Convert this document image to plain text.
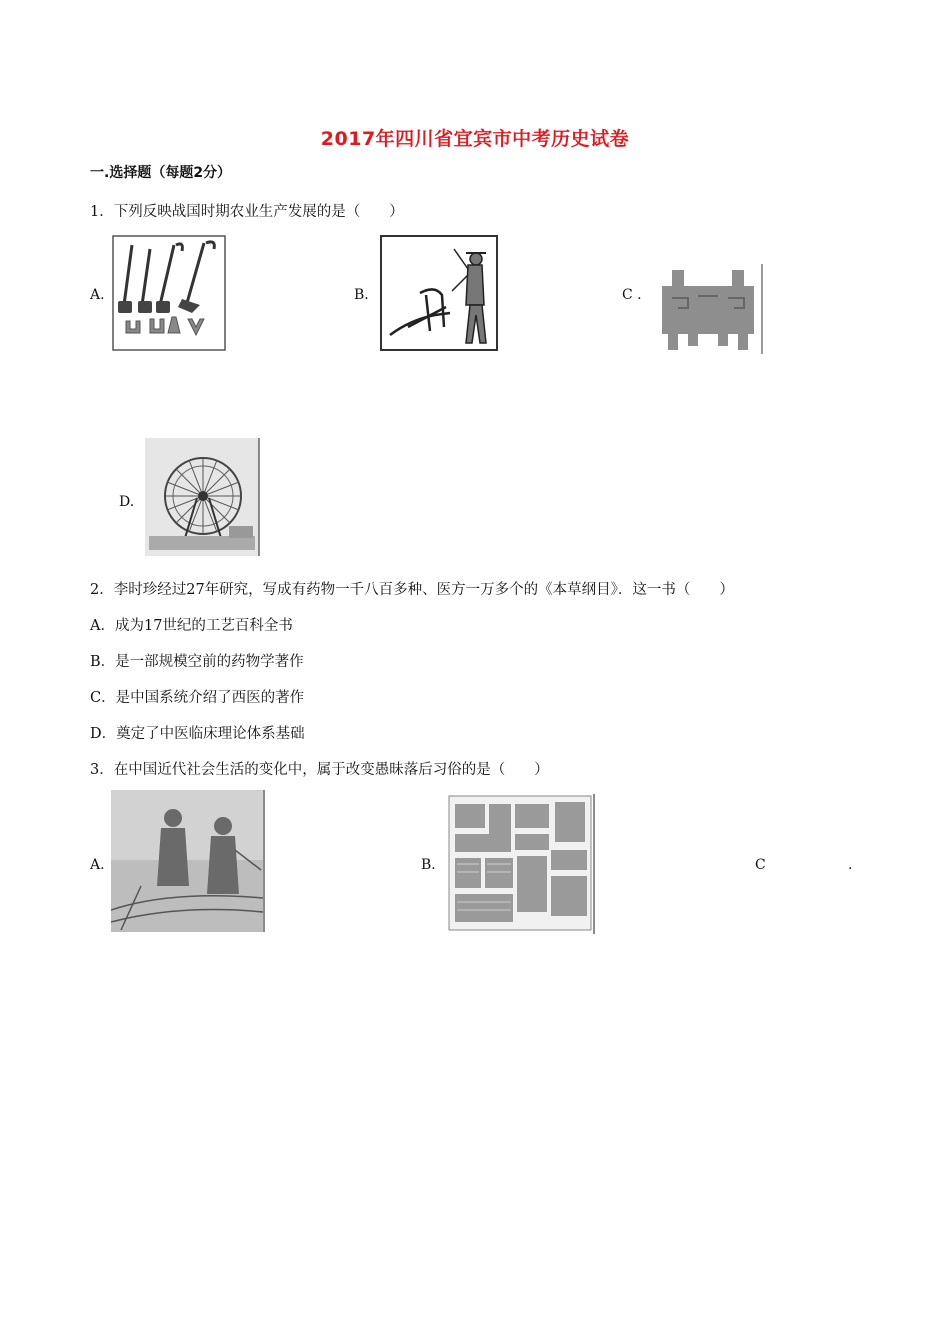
2017年四川省宜宾市中考历史试卷
一.选择题（每题2分）
1．下列反映战国时期农业生产发展的是（　　）
A.	B.	C .
D.
2．李时珍经过27年研究，写成有药物一千八百多种、医方一万多个的《本草纲目》．这一书（　　）
A．成为17世纪的工艺百科全书
B．是一部规模空前的药物学著作
C．是中国系统介绍了西医的著作
D．奠定了中医临床理论体系基础
3．在中国近代社会生活的变化中，属于改变愚昧落后习俗的是（　　）
A.	B.	C	.
